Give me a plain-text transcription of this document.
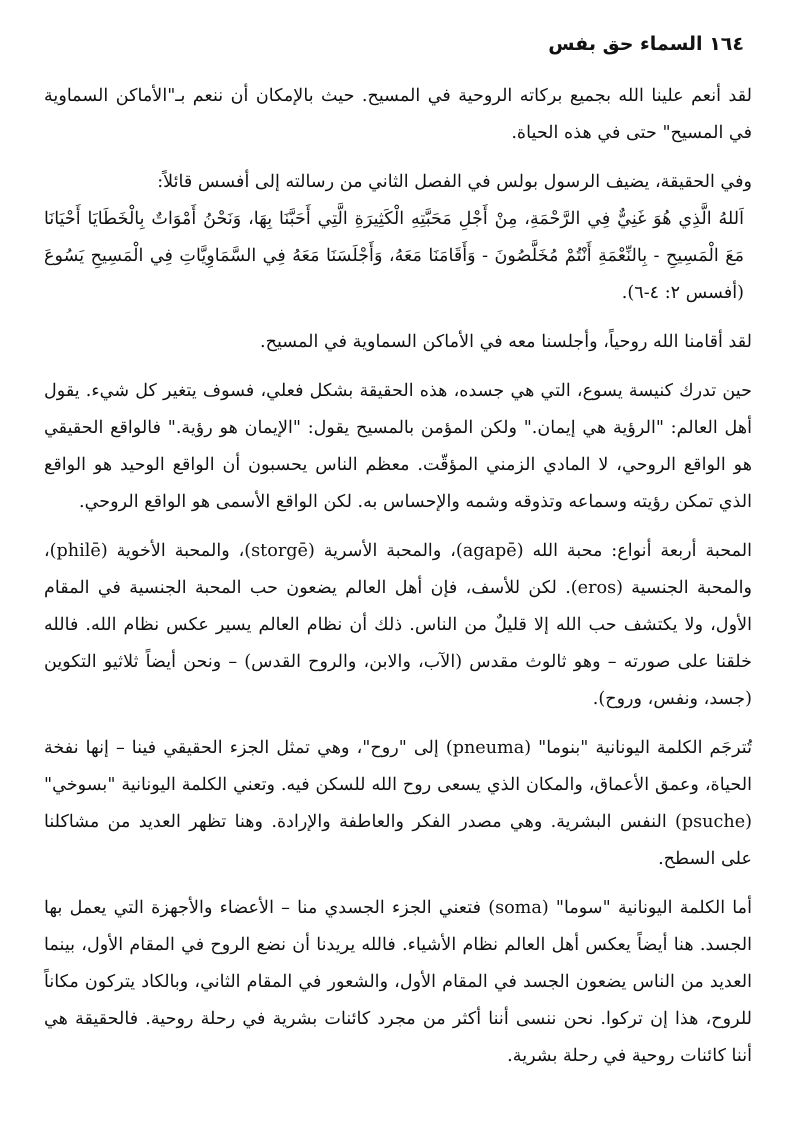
١٦٤ السماء حق بفس

لقد أنعم علينا الله بجميع بركاته الروحية في المسيح. حيث بالإمكان أن ننعم بـ"الأماكن السماوية في المسيح" حتى في هذه الحياة.

وفي الحقيقة، يضيف الرسول بولس في الفصل الثاني من رسالته إلى أفسس قائلاً:

اَللهُ الَّذِي هُوَ غَنِيٌّ فِي الرَّحْمَةِ، مِنْ أَجْلِ مَحَبَّتِهِ الْكَثِيرَةِ الَّتِي أَحَبَّنَا بِهَا، وَنَحْنُ أَمْوَاتٌ بِالْخَطَايَا أَحْيَانَا مَعَ الْمَسِيحِ - بِالنِّعْمَةِ أَنْتُمْ مُخَلَّصُونَ - وَأَقَامَنَا مَعَهُ، وَأَجْلَسَنَا مَعَهُ فِي السَّمَاوِيَّاتِ فِي الْمَسِيحِ يَسُوعَ (أفسس ٢: ٤-٦).

لقد أقامنا الله روحياً، وأجلسنا معه في الأماكن السماوية في المسيح.

حين تدرك كنيسة يسوع، التي هي جسده، هذه الحقيقة بشكل فعلي، فسوف يتغير كل شيء. يقول أهل العالم: "الرؤية هي إيمان." ولكن المؤمن بالمسيح يقول: "الإيمان هو رؤية." فالواقع الحقيقي هو الواقع الروحي، لا المادي الزمني المؤقّت. معظم الناس يحسبون أن الواقع الوحيد هو الواقع الذي تمكن رؤيته وسماعه وتذوقه وشمه والإحساس به. لكن الواقع الأسمى هو الواقع الروحي.

المحبة أربعة أنواع: محبة الله (agapē)، والمحبة الأسرية (storgē)، والمحبة الأخوية (philē)، والمحبة الجنسية (eros). لكن للأسف، فإن أهل العالم يضعون حب المحبة الجنسية في المقام الأول، ولا يكتشف حب الله إلا قليلٌ من الناس. ذلك أن نظام العالم يسير عكس نظام الله. فالله خلقنا على صورته – وهو ثالوث مقدس (الآب، والابن، والروح القدس) – ونحن أيضاً ثلاثيو التكوين (جسد، ونفس، وروح).

تُترجَم الكلمة اليونانية "بنوما" (pneuma) إلى "روح"، وهي تمثل الجزء الحقيقي فينا – إنها نفخة الحياة، وعمق الأعماق، والمكان الذي يسعى روح الله للسكن فيه. وتعني الكلمة اليونانية "بسوخي" (psuche) النفس البشرية. وهي مصدر الفكر والعاطفة والإرادة. وهنا تظهر العديد من مشاكلنا على السطح.

أما الكلمة اليونانية "سوما" (soma) فتعني الجزء الجسدي منا – الأعضاء والأجهزة التي يعمل بها الجسد. هنا أيضاً يعكس أهل العالم نظام الأشياء. فالله يريدنا أن نضع الروح في المقام الأول، بينما العديد من الناس يضعون الجسد في المقام الأول، والشعور في المقام الثاني، وبالكاد يتركون مكاناً للروح، هذا إن تركوا. نحن ننسى أننا أكثر من مجرد كائنات بشرية في رحلة روحية. فالحقيقة هي أننا كائنات روحية في رحلة بشرية.
